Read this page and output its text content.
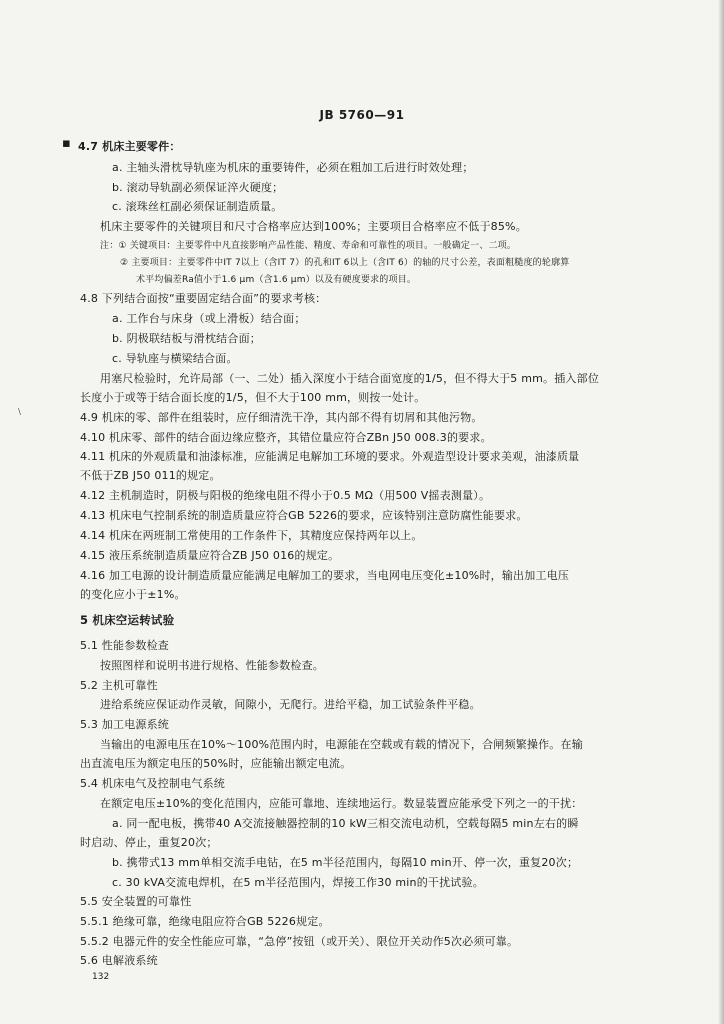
▪
﹨
JB 5760—91
4.7 机床主要零件：
a. 主轴头滑枕导轨座为机床的重要铸件，必须在粗加工后进行时效处理；
b. 滚动导轨副必须保证淬火硬度；
c. 滚珠丝杠副必须保证制造质量。
机床主要零件的关键项目和尺寸合格率应达到100%；主要项目合格率应不低于85%。
注：① 关键项目：主要零件中凡直接影响产品性能、精度、寿命和可靠性的项目。一般确定一、二项。
② 主要项目：主要零件中IT 7以上（含IT 7）的孔和IT 6以上（含IT 6）的轴的尺寸公差，表面粗糙度的轮廓算
术平均偏差Ra值小于1.6 μm（含1.6 μm）以及有硬度要求的项目。
4.8 下列结合面按“重要固定结合面”的要求考核：
a. 工作台与床身（或上滑板）结合面；
b. 阴极联结板与滑枕结合面；
c. 导轨座与横梁结合面。
用塞尺检验时，允许局部（一、二处）插入深度小于结合面宽度的1/5，但不得大于5 mm。插入部位
长度小于或等于结合面长度的1/5，但不大于100 mm，则按一处计。
4.9 机床的零、部件在组装时，应仔细清洗干净，其内部不得有切屑和其他污物。
4.10 机床零、部件的结合面边缘应整齐，其错位量应符合ZBn J50 008.3的要求。
4.11 机床的外观质量和油漆标准，应能满足电解加工环境的要求。外观造型设计要求美观，油漆质量
不低于ZB J50 011的规定。
4.12 主机制造时，阴极与阳极的绝缘电阻不得小于0.5 MΩ（用500 V摇表测量）。
4.13 机床电气控制系统的制造质量应符合GB 5226的要求，应该特别注意防腐性能要求。
4.14 机床在两班制工常使用的工作条件下，其精度应保持两年以上。
4.15 液压系统制造质量应符合ZB J50 016的规定。
4.16 加工电源的设计制造质量应能满足电解加工的要求，当电网电压变化±10%时，输出加工电压
的变化应小于±1%。
5 机床空运转试验
5.1 性能参数检查
按照图样和说明书进行规格、性能参数检查。
5.2 主机可靠性
进给系统应保证动作灵敏，间隙小，无爬行。进给平稳，加工试验条件平稳。
5.3 加工电源系统
当输出的电源电压在10%～100%范围内时，电源能在空载或有载的情况下，合闸频繁操作。在输
出直流电压为额定电压的50%时，应能输出额定电流。
5.4 机床电气及控制电气系统
在额定电压±10%的变化范围内，应能可靠地、连续地运行。数显装置应能承受下列之一的干扰：
a. 同一配电板，携带40 A交流接触器控制的10 kW三相交流电动机，空载每隔5 min左右的瞬
时启动、停止，重复20次；
b. 携带式13 mm单相交流手电钻，在5 m半径范围内，每隔10 min开、停一次，重复20次；
c. 30 kVA交流电焊机，在5 m半径范围内，焊接工作30 min的干扰试验。
5.5 安全装置的可靠性
5.5.1 绝缘可靠，绝缘电阻应符合GB 5226规定。
5.5.2 电器元件的安全性能应可靠，“急停”按钮（或开关）、限位开关动作5次必须可靠。
5.6 电解液系统
132
